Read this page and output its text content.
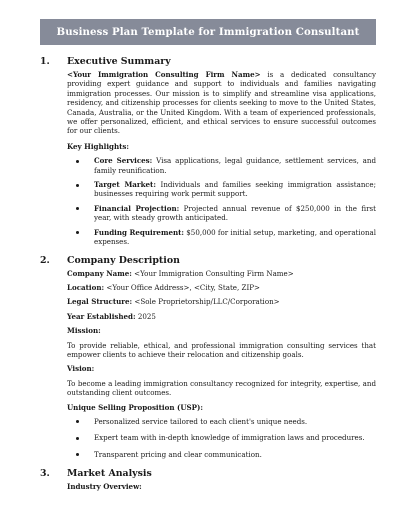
Business Plan Template for Immigration Consultant
1.	Executive Summary

<Your Immigration Consulting Firm Name> is a dedicated consultancy providing expert guidance and support to individuals and families navigating immigration processes. Our mission is to simplify and streamline visa applications, residency, and citizenship processes for clients seeking to move to the United States, Canada, Australia, or the United Kingdom. With a team of experienced professionals, we offer personalized, efficient, and ethical services to ensure successful outcomes for our clients.

Key Highlights:
Core Services: Visa applications, legal guidance, settlement services, and family reunification.
Target Market: Individuals and families seeking immigration assistance; businesses requiring work permit support.
Financial Projection: Projected annual revenue of $250,000 in the first year, with steady growth anticipated.
Funding Requirement: $50,000 for initial setup, marketing, and operational expenses.
2.	Company Description
Company Name: <Your Immigration Consulting Firm Name>
Location: <Your Office Address>, <City, State, ZIP>
Legal Structure: <Sole Proprietorship/LLC/Corporation>
Year Established: 2025
Mission:

To provide reliable, ethical, and professional immigration consulting services that empower clients to achieve their relocation and citizenship goals.

Vision:

To become a leading immigration consultancy recognized for integrity, expertise, and outstanding client outcomes.

Unique Selling Proposition (USP):
Personalized service tailored to each client's unique needs.
Expert team with in-depth knowledge of immigration laws and procedures.
Transparent pricing and clear communication.
3.	Market Analysis
Industry Overview:
